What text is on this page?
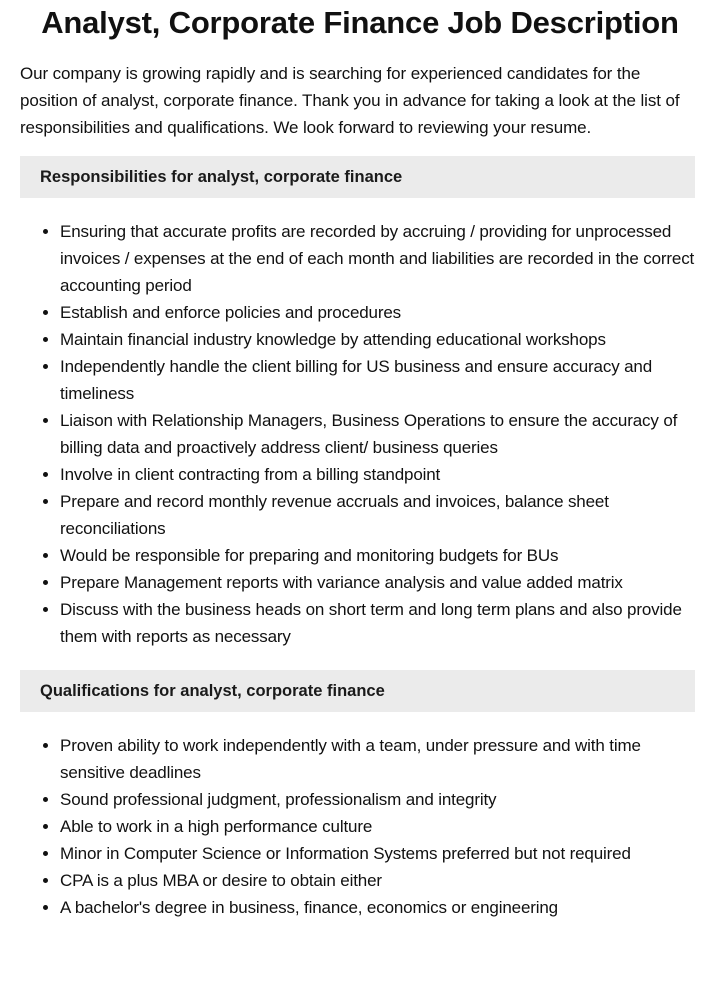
Analyst, Corporate Finance Job Description

Our company is growing rapidly and is searching for experienced candidates for the position of analyst, corporate finance. Thank you in advance for taking a look at the list of responsibilities and qualifications. We look forward to reviewing your resume.

Responsibilities for analyst, corporate finance
• Ensuring that accurate profits are recorded by accruing / providing for unprocessed invoices / expenses at the end of each month and liabilities are recorded in the correct accounting period
• Establish and enforce policies and procedures
• Maintain financial industry knowledge by attending educational workshops
• Independently handle the client billing for US business and ensure accuracy and timeliness
• Liaison with Relationship Managers, Business Operations to ensure the accuracy of billing data and proactively address client/ business queries
• Involve in client contracting from a billing standpoint
• Prepare and record monthly revenue accruals and invoices, balance sheet reconciliations
• Would be responsible for preparing and monitoring budgets for BUs
• Prepare Management reports with variance analysis and value added matrix
• Discuss with the business heads on short term and long term plans and also provide them with reports as necessary
Qualifications for analyst, corporate finance
• Proven ability to work independently with a team, under pressure and with time sensitive deadlines
• Sound professional judgment, professionalism and integrity
• Able to work in a high performance culture
• Minor in Computer Science or Information Systems preferred but not required
• CPA is a plus MBA or desire to obtain either
• A bachelor's degree in business, finance, economics or engineering
